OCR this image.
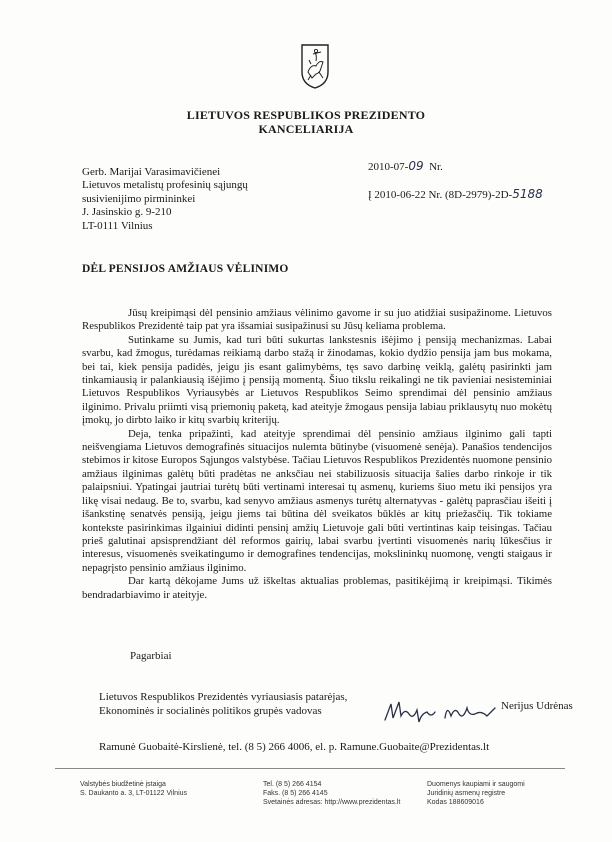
LIETUVOS RESPUBLIKOS PREZIDENTO
KANCELIARIJA
Gerb. Marijai Varasimavičienei
Lietuvos metalistų profesinių sąjungų
susivienijimo pirmininkei
J. Jasinskio g. 9-210
LT-0111 Vilnius
2010-07-09 Nr.
Į 2010-06-22 Nr. (8D-2979)-2D-5188
DĖL PENSIJOS AMŽIAUS VĖLINIMO

Jūsų kreipimąsi dėl pensinio amžiaus vėlinimo gavome ir su juo atidžiai susipažinome. Lietuvos Respublikos Prezidentė taip pat yra išsamiai susipažinusi su Jūsų keliama problema.

Sutinkame su Jumis, kad turi būti sukurtas lankstesnis išėjimo į pensiją mechanizmas. Labai svarbu, kad žmogus, turėdamas reikiamą darbo stažą ir žinodamas, kokio dydžio pensija jam bus mokama, bei tai, kiek pensija padidės, jeigu jis esant galimybėms, tęs savo darbinę veiklą, galėtų pasirinkti jam tinkamiausią ir palankiausią išėjimo į pensiją momentą. Šiuo tikslu reikalingi ne tik pavieniai nesisteminiai Lietuvos Respublikos Vyriausybės ar Lietuvos Respublikos Seimo sprendimai dėl pensinio amžiaus ilginimo. Privalu priimti visą priemonių paketą, kad ateityje žmogaus pensija labiau priklausytų nuo mokėtų įmokų, jo dirbto laiko ir kitų svarbių kriterijų.

Deja, tenka pripažinti, kad ateityje sprendimai dėl pensinio amžiaus ilginimo gali tapti neišvengiama Lietuvos demografinės situacijos nulemta būtinybe (visuomenė senėja). Panašios tendencijos stebimos ir kitose Europos Sąjungos valstybėse. Tačiau Lietuvos Respublikos Prezidentės nuomone pensinio amžiaus ilginimas galėtų būti pradėtas ne anksčiau nei stabilizuosis situacija šalies darbo rinkoje ir tik palaipsniui. Ypatingai jautriai turėtų būti vertinami interesai tų asmenų, kuriems šiuo metu iki pensijos yra likę visai nedaug. Be to, svarbu, kad senyvo amžiaus asmenys turėtų alternatyvas - galėtų paprasčiau išeiti į išankstinę senatvės pensiją, jeigu jiems tai būtina dėl sveikatos būklės ar kitų priežasčių. Tik tokiame kontekste pasirinkimas ilgainiui didinti pensinį amžių Lietuvoje gali būti vertintinas kaip teisingas. Tačiau prieš galutinai apsisprendžiant dėl reformos gairių, labai svarbu įvertinti visuomenės narių lūkesčius ir interesus, visuomenės sveikatingumo ir demografines tendencijas, mokslininkų nuomonę, vengti staigaus ir nepagrįsto pensinio amžiaus ilginimo.

Dar kartą dėkojame Jums už iškeltas aktualias problemas, pasitikėjimą ir kreipimąsi. Tikimės bendradarbiavimo ir ateityje.

Pagarbiai
Lietuvos Respublikos Prezidentės vyriausiasis patarėjas,
Ekonominės ir socialinės politikos grupės vadovas	Nerijus Udrėnas
Ramunė Guobaitė-Kirslienė, tel. (8 5) 266 4006, el. p. Ramune.Guobaite@Prezidentas.lt
Valstybės biudžetinė įstaiga
S. Daukanto a. 3, LT-01122 Vilnius
Tel. (8 5) 266 4154
Faks. (8 5) 266 4145
Svetainės adresas: http://www.prezidentas.lt
Duomenys kaupiami ir saugomi
Juridinių asmenų registre
Kodas 188609016
